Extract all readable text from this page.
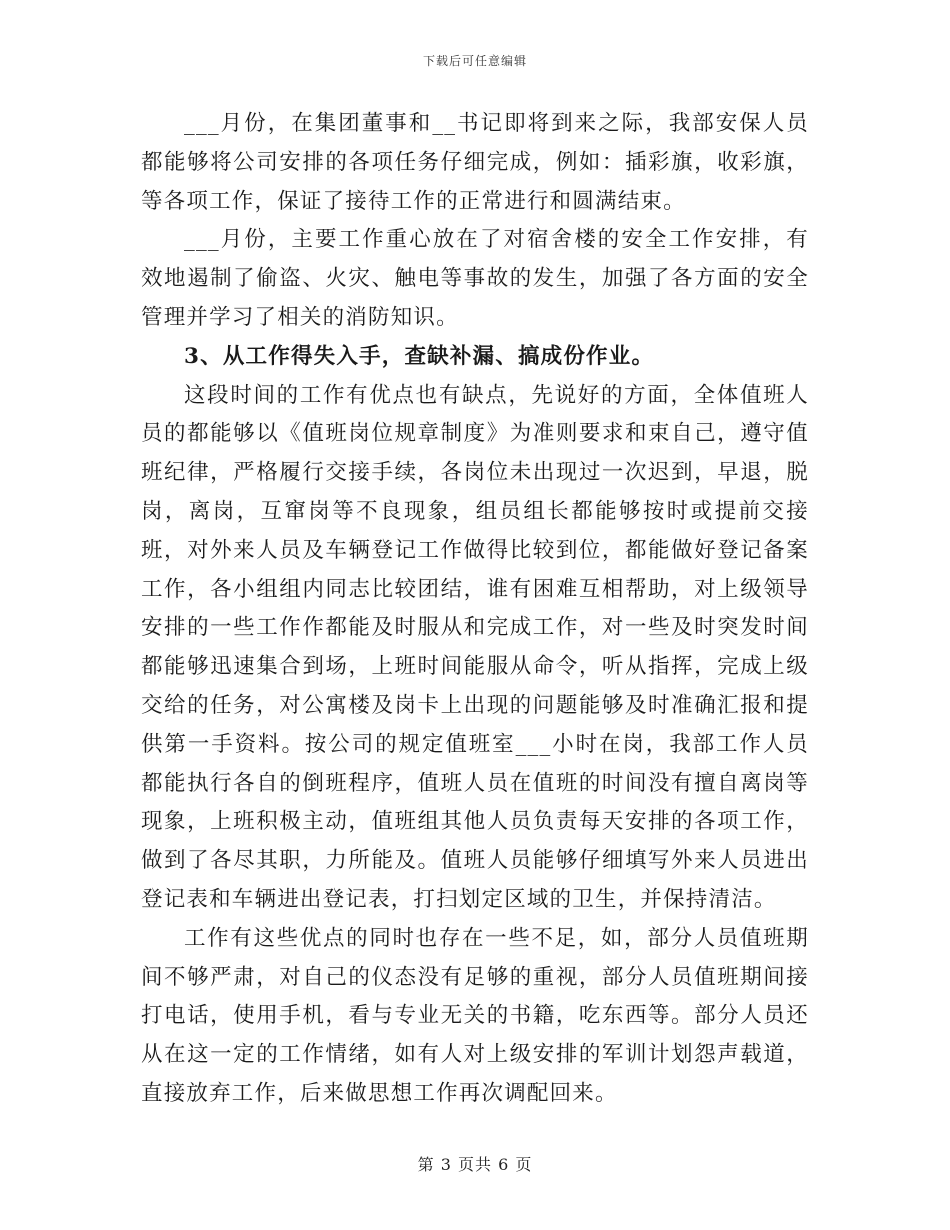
下载后可任意编辑

___月份，在集团董事和__书记即将到来之际，我部安保人员都能够将公司安排的各项任务仔细完成，例如：插彩旗，收彩旗，等各项工作，保证了接待工作的正常进行和圆满结束。

___月份，主要工作重心放在了对宿舍楼的安全工作安排，有效地遏制了偷盗、火灾、触电等事故的发生，加强了各方面的安全管理并学习了相关的消防知识。

3、从工作得失入手，查缺补漏、搞成份作业。

这段时间的工作有优点也有缺点，先说好的方面，全体值班人员的都能够以《值班岗位规章制度》为准则要求和束自己，遵守值班纪律，严格履行交接手续，各岗位未出现过一次迟到，早退，脱岗，离岗，互窜岗等不良现象，组员组长都能够按时或提前交接班，对外来人员及车辆登记工作做得比较到位，都能做好登记备案工作，各小组组内同志比较团结，谁有困难互相帮助，对上级领导安排的一些工作作都能及时服从和完成工作，对一些及时突发时间都能够迅速集合到场，上班时间能服从命令，听从指挥，完成上级交给的任务，对公寓楼及岗卡上出现的问题能够及时准确汇报和提供第一手资料。按公司的规定值班室___小时在岗，我部工作人员都能执行各自的倒班程序，值班人员在值班的时间没有擅自离岗等现象，上班积极主动，值班组其他人员负责每天安排的各项工作，做到了各尽其职，力所能及。值班人员能够仔细填写外来人员进出登记表和车辆进出登记表，打扫划定区域的卫生，并保持清洁。

工作有这些优点的同时也存在一些不足，如，部分人员值班期间不够严肃，对自己的仪态没有足够的重视，部分人员值班期间接打电话，使用手机，看与专业无关的书籍，吃东西等。部分人员还从在这一定的工作情绪，如有人对上级安排的军训计划怨声载道，直接放弃工作，后来做思想工作再次调配回来。

第 3 页共 6 页
